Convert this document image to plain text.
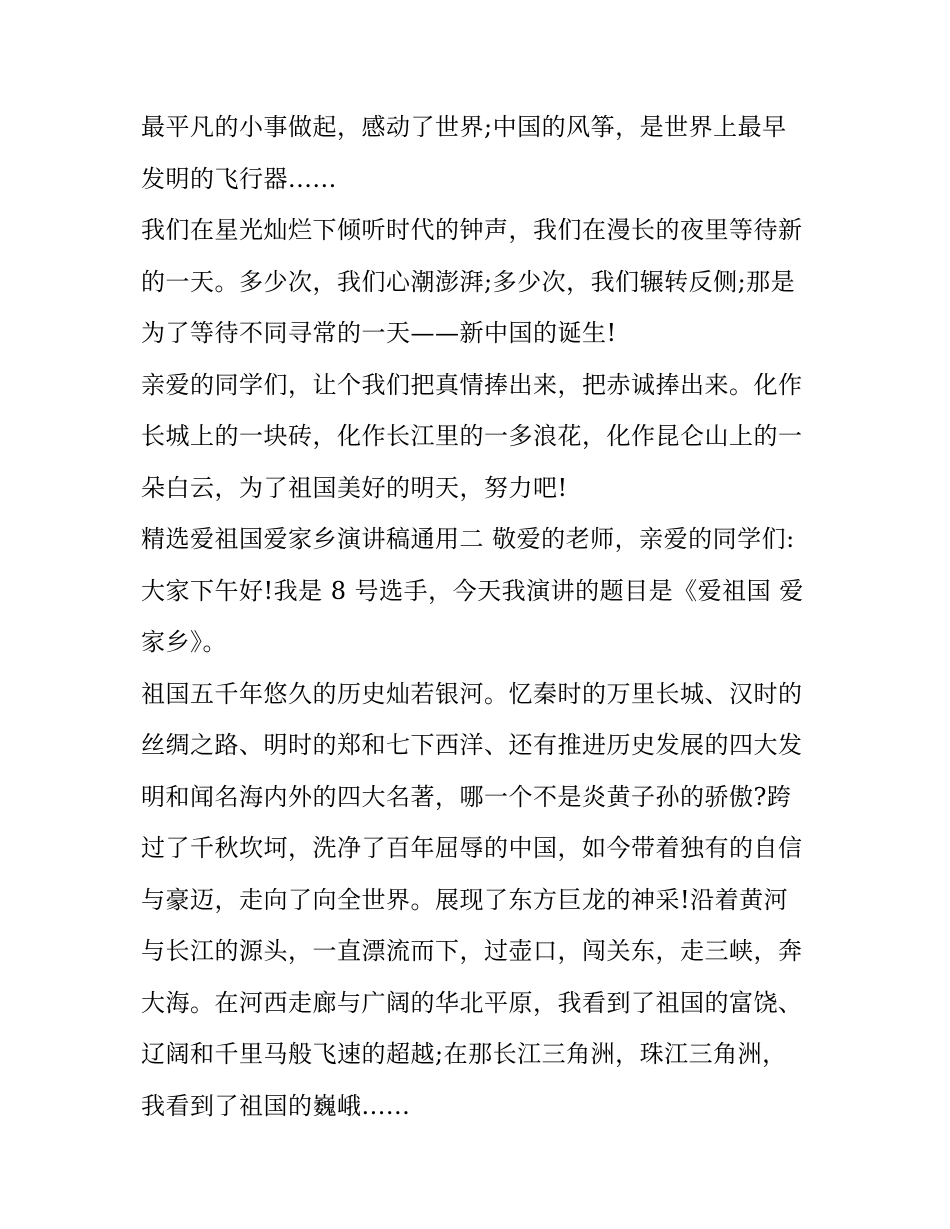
最平凡的小事做起，感动了世界;中国的风筝，是世界上最早
发明的飞行器......
我们在星光灿烂下倾听时代的钟声，我们在漫长的夜里等待新
的一天。多少次，我们心潮澎湃;多少次，我们辗转反侧;那是
为了等待不同寻常的一天——新中国的诞生!
亲爱的同学们，让个我们把真情捧出来，把赤诚捧出来。化作
长城上的一块砖，化作长江里的一多浪花，化作昆仑山上的一
朵白云，为了祖国美好的明天，努力吧!
精选爱祖国爱家乡演讲稿通用二 敬爱的老师，亲爱的同学们:
大家下午好!我是 8 号选手，今天我演讲的题目是《爱祖国 爱
家乡》。
祖国五千年悠久的历史灿若银河。忆秦时的万里长城、汉时的
丝绸之路、明时的郑和七下西洋、还有推进历史发展的四大发
明和闻名海内外的四大名著，哪一个不是炎黄子孙的骄傲?跨
过了千秋坎坷，洗净了百年屈辱的中国，如今带着独有的自信
与豪迈，走向了向全世界。展现了东方巨龙的神采!沿着黄河
与长江的源头，一直漂流而下，过壶口，闯关东，走三峡，奔
大海。在河西走廊与广阔的华北平原，我看到了祖国的富饶、
辽阔和千里马般飞速的超越;在那长江三角洲，珠江三角洲，
我看到了祖国的巍峨......
